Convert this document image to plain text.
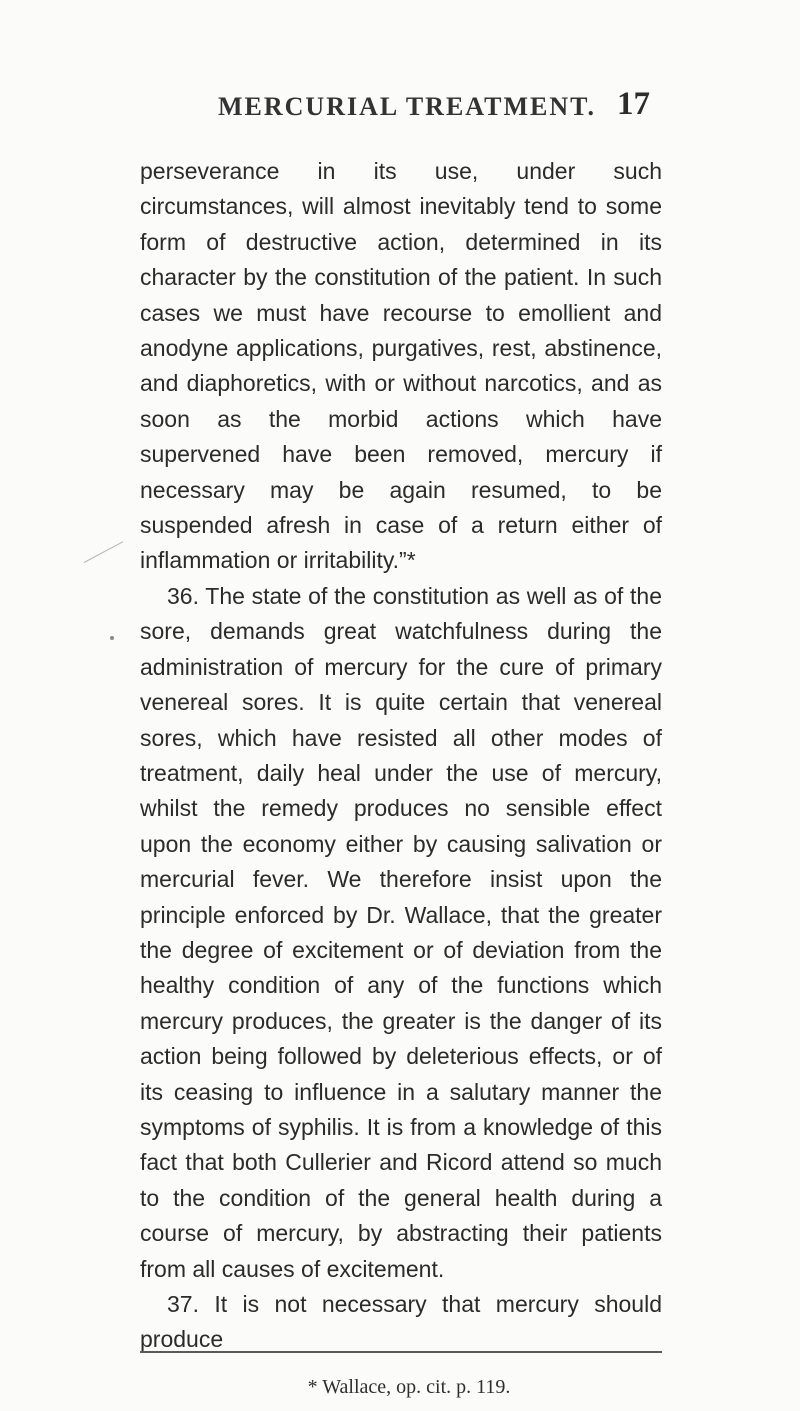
MERCURIAL TREATMENT. 17

perseverance in its use, under such circumstances, will almost inevitably tend to some form of destructive action, determined in its character by the constitution of the patient. In such cases we must have recourse to emollient and anodyne applications, purgatives, rest, abstinence, and diaphoretics, with or without narcotics, and as soon as the morbid actions which have supervened have been removed, mercury if necessary may be again resumed, to be suspended afresh in case of a return either of inflammation or irritability.”*

36. The state of the constitution as well as of the sore, demands great watchfulness during the administration of mercury for the cure of primary venereal sores. It is quite certain that venereal sores, which have resisted all other modes of treatment, daily heal under the use of mercury, whilst the remedy produces no sensible effect upon the economy either by causing salivation or mercurial fever. We therefore insist upon the principle enforced by Dr. Wallace, that the greater the degree of excitement or of deviation from the healthy condition of any of the functions which mercury produces, the greater is the danger of its action being followed by deleterious effects, or of its ceasing to influence in a salutary manner the symptoms of syphilis. It is from a knowledge of this fact that both Cullerier and Ricord attend so much to the condition of the general health during a course of mercury, by abstracting their patients from all causes of excitement.

37. It is not necessary that mercury should produce

* Wallace, op. cit. p. 119.
